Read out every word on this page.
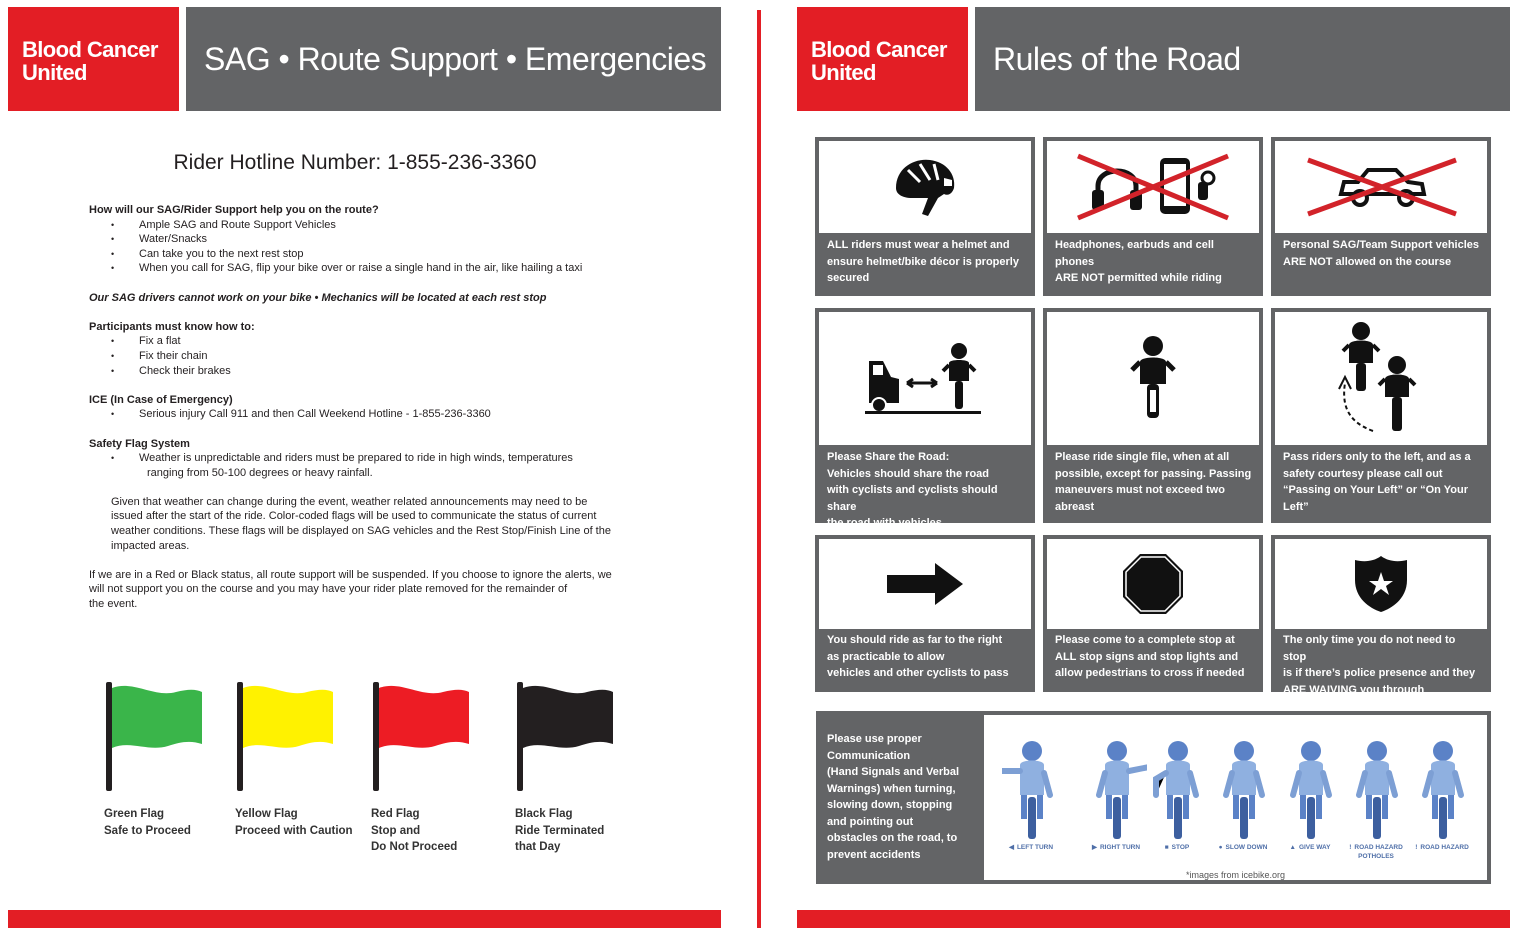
Blood Cancer
United	SAG • Route Support • Emergencies
Rider Hotline Number: 1-855-236-3360
How will our SAG/Rider Support help you on the route?
• Ample SAG and Route Support Vehicles
• Water/Snacks
• Can take you to the next rest stop
• When you call for SAG, flip your bike over or raise a single hand in the air, like hailing a taxi
Our SAG drivers cannot work on your bike • Mechanics will be located at each rest stop
Participants must know how to:
• Fix a flat
• Fix their chain
• Check their brakes
ICE (In Case of Emergency)
• Serious injury Call 911 and then Call Weekend Hotline - 1-855-236-3360
Safety Flag System
• Weather is unpredictable and riders must be prepared to ride in high winds, temperatures
ranging from 50-100 degrees or heavy rainfall.
Given that weather can change during the event, weather related announcements may need to be
issued after the start of the ride. Color-coded flags will be used to communicate the status of current
weather conditions. These flags will be displayed on SAG vehicles and the Rest Stop/Finish Line of the
impacted areas.
If we are in a Red or Black status, all route support will be suspended. If you choose to ignore the alerts, we
will not support you on the course and you may have your rider plate removed for the remainder of
the event.
Green Flag
Safe to Proceed
Yellow Flag
Proceed with Caution
Red Flag
Stop and
Do Not Proceed
Black Flag
Ride Terminated
that Day
Blood Cancer
United	Rules of the Road
ALL riders must wear a helmet and
ensure helmet/bike décor is properly
secured
Headphones, earbuds and cell phones
ARE NOT permitted while riding
Personal SAG/Team Support vehicles
ARE NOT allowed on the course
Please Share the Road:
Vehicles should share the road
with cyclists and cyclists should share
the road with vehicles
Please ride single file, when at all
possible, except for passing. Passing
maneuvers must not exceed two
abreast
Pass riders only to the left, and as a
safety courtesy please call out
“Passing on Your Left” or “On Your
Left”
You should ride as far to the right
as practicable to allow
vehicles and other cyclists to pass
Please come to a complete stop at
ALL stop signs and stop lights and
allow pedestrians to cross if needed
The only time you do not need to stop
is if there’s police presence and they
ARE WAIVING you through
Please use proper
Communication
(Hand Signals and Verbal
Warnings) when turning,
slowing down, stopping
and pointing out
obstacles on the road, to
prevent accidents
*images from icebike.org
◀ LEFT TURN	▶ RIGHT TURN	■ STOP	● SLOW DOWN	▲ GIVE WAY	! ROAD HAZARD
POTHOLES
! ROAD HAZARD
